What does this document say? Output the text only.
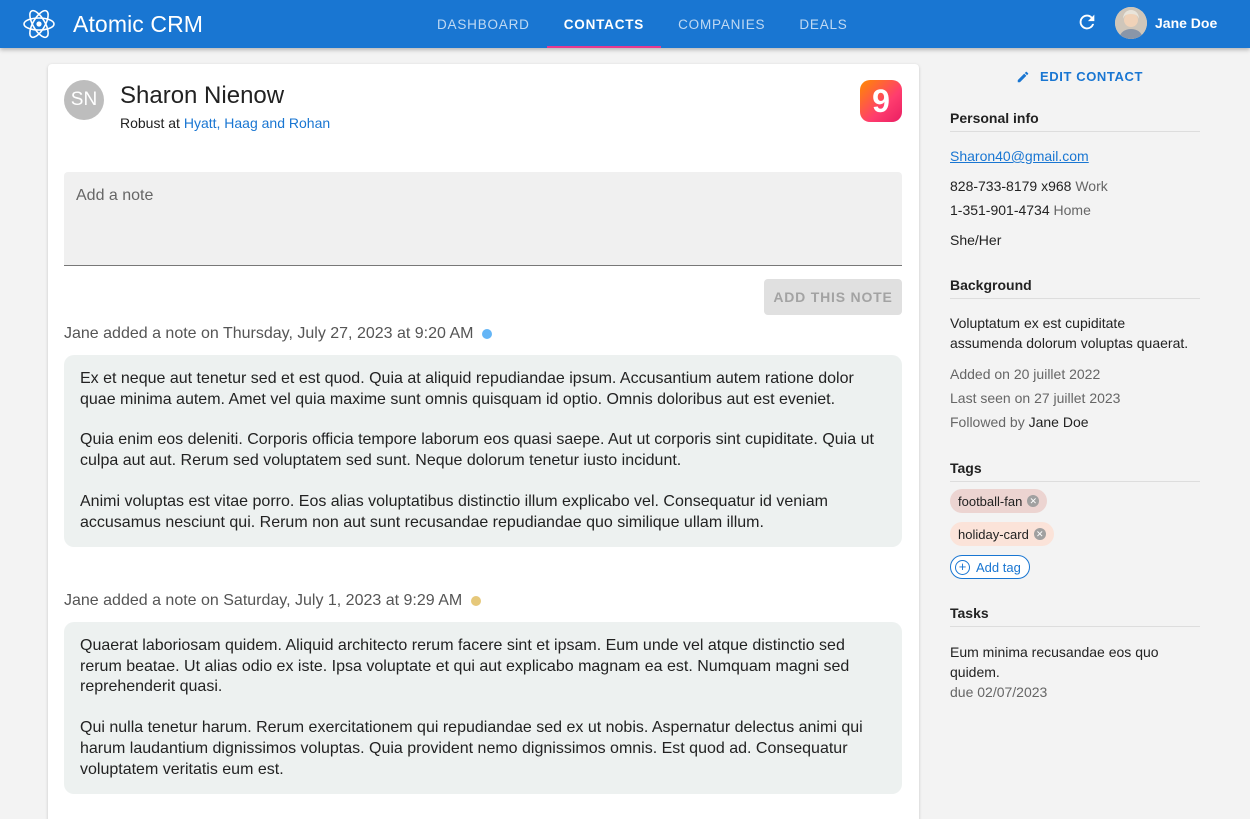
Atomic CRM	DASHBOARD	CONTACTS	COMPANIES	DEALS	Jane Doe
SN Sharon Nienow
Robust at Hyatt, Haag and Rohan
9
Add a note
ADD THIS NOTE
Jane added a note on Thursday, July 27, 2023 at 9:20 AM

Ex et neque aut tenetur sed et est quod. Quia at aliquid repudiandae ipsum. Accusantium autem ratione dolor quae minima autem. Amet vel quia maxime sunt omnis quisquam id optio. Omnis doloribus aut est eveniet.

Quia enim eos deleniti. Corporis officia tempore laborum eos quasi saepe. Aut ut corporis sint cupiditate. Quia ut culpa aut aut. Rerum sed voluptatem sed sunt. Neque dolorum tenetur iusto incidunt.

Animi voluptas est vitae porro. Eos alias voluptatibus distinctio illum explicabo vel. Consequatur id veniam accusamus nesciunt qui. Rerum non aut sunt recusandae repudiandae quo similique ullam illum.

Jane added a note on Saturday, July 1, 2023 at 9:29 AM

Quaerat laboriosam quidem. Aliquid architecto rerum facere sint et ipsam. Eum unde vel atque distinctio sed rerum beatae. Ut alias odio ex iste. Ipsa voluptate et qui aut explicabo magnam ea est. Numquam magni sed reprehenderit quasi.

Qui nulla tenetur harum. Rerum exercitationem qui repudiandae sed ex ut nobis. Aspernatur delectus animi qui harum laudantium dignissimos voluptas. Quia provident nemo dignissimos omnis. Est quod ad. Consequatur voluptatem veritatis eum est.

EDIT CONTACT
Personal info
Sharon40@gmail.com
828-733-8179 x968 Work
1-351-901-4734 Home
She/Her
Background
Voluptatum ex est cupiditate
assumenda dolorum voluptas quaerat.
Added on 20 juillet 2022
Last seen on 27 juillet 2023
Followed by Jane Doe
Tags
football-fan ✕
holiday-card ✕
+ Add tag
Tasks
Eum minima recusandae eos quo
quidem.
due 02/07/2023
